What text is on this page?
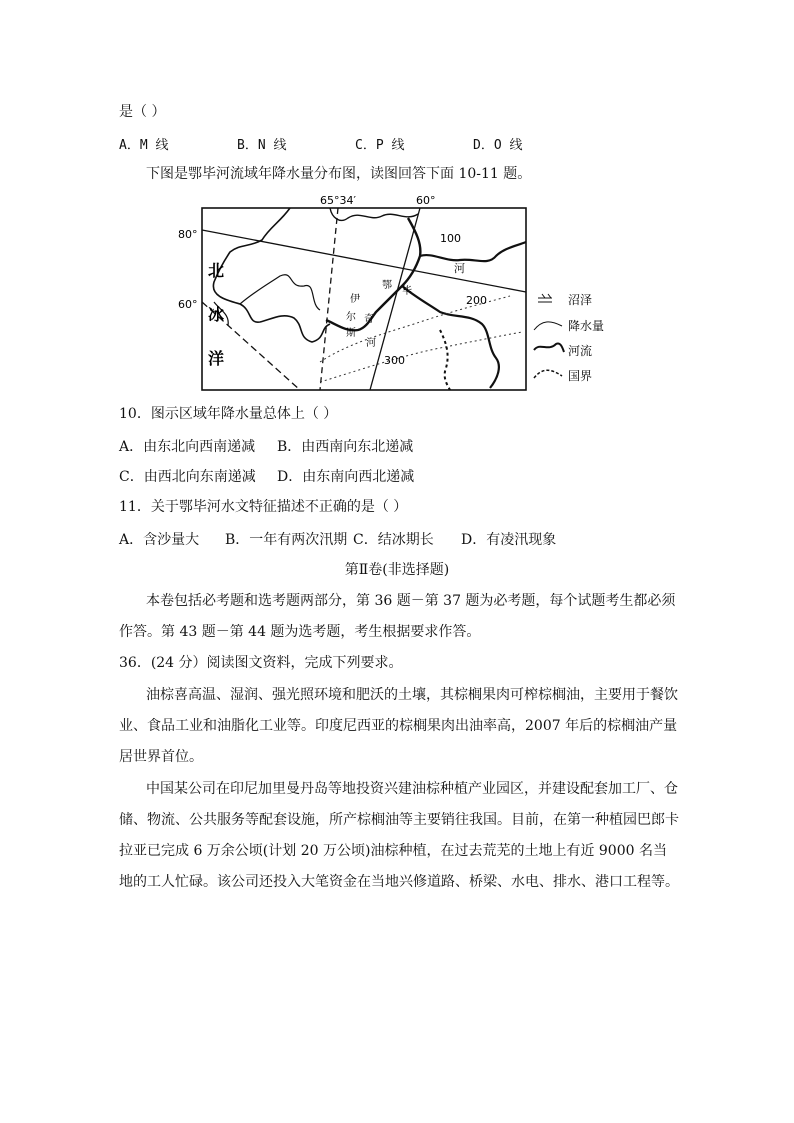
是（ ）
A．M 线	B．N 线	C．P 线	D．O 线
下图是鄂毕河流域年降水量分布图，读图回答下面 10-11 题。
65°34′	60°
80°
60°
北
冰
洋
100
200
300
河
鄂
毕
伊
尔 奇
斯
河
沼泽
降水量
河流
国界
10．图示区域年降水量总体上（ ）
A．由东北向西南递减 B．由西南向东北递减
C．由西北向东南递减 D．由东南向西北递减
11．关于鄂毕河水文特征描述不正确的是（ ）
A．含沙量大 B．一年有两次汛期 C．结冰期长 D．有凌汛现象
第Ⅱ卷(非选择题)
本卷包括必考题和选考题两部分，第 36 题－第 37 题为必考题，每个试题考生都必须作答。第 43 题－第 44 题为选考题，考生根据要求作答。
36．(24 分）阅读图文资料，完成下列要求。
油棕喜高温、湿润、强光照环境和肥沃的土壤，其棕榈果肉可榨棕榈油，主要用于餐饮业、食品工业和油脂化工业等。印度尼西亚的棕榈果肉出油率高，2007 年后的棕榈油产量居世界首位。
中国某公司在印尼加里曼丹岛等地投资兴建油棕种植产业园区，并建设配套加工厂、仓储、物流、公共服务等配套设施，所产棕榈油等主要销往我国。目前，在第一种植园巴郎卡拉亚已完成 6 万余公顷(计划 20 万公顷)油棕种植，在过去荒芜的土地上有近 9000 名当地的工人忙碌。该公司还投入大笔资金在当地兴修道路、桥梁、水电、排水、港口工程等。
